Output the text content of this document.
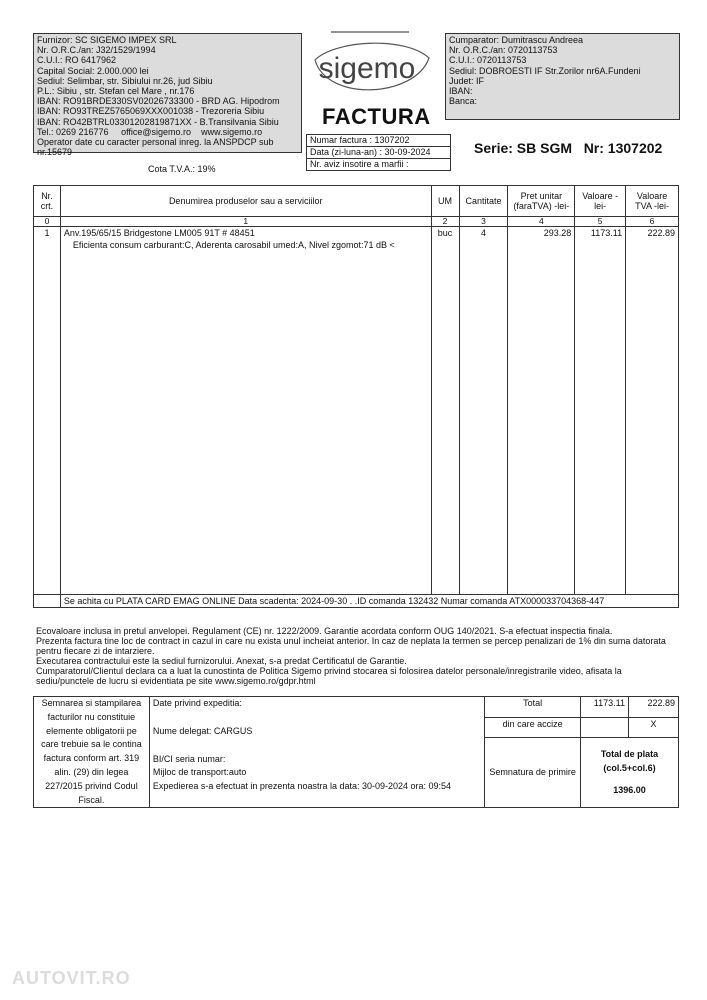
Furnizor: SC SIGEMO IMPEX SRL
Nr. O.R.C./an: J32/1529/1994
C.U.I.: RO 6417962
Capital Social: 2.000.000 lei
Sediul: Selimbar, str. Sibiului nr.26, jud Sibiu
P.L.: Sibiu , str. Stefan cel Mare , nr.176
IBAN: RO91BRDE330SV02026733300 - BRD AG. Hipodrom
IBAN: RO93TREZ5765069XXX001038 - Trezoreria Sibiu
IBAN: RO42BTRL03301202819871XX - B.Transilvania Sibiu
Tel.: 0269 216776     office@sigemo.ro    www.sigemo.ro
Operator date cu caracter personal inreg. la ANSPDCP sub
nr.15679
sigemo
FACTURA
Numar factura : 1307202
Data (zi-luna-an) : 30-09-2024
Nr. aviz insotire a marfii :
Cumparator: Dumitrascu Andreea
Nr. O.R.C./an: 0720113753
C.U.I.: 0720113753
Sediul: DOBROESTI IF Str.Zorilor nr6A.Fundeni
Judet: IF
IBAN:
Banca:
Serie: SB SGM   Nr: 1307202
Cota T.V.A.: 19%
Nr. crt.	Denumirea produselor sau a serviciilor	UM	Cantitate	Pret unitar (faraTVA) -lei-	Valoare -lei-	Valoare TVA -lei-
0	1	2	3	4	5	6
1	Anv.195/65/15 Bridgestone LM005 91T # 48451	buc	4	293.28	1173.11	222.89
	Eficienta consum carburant:C, Aderenta carosabil umed:A, Nivel zgomot:71 dB <					

	Se achita cu PLATA CARD EMAG ONLINE Data scadenta: 2024-09-30 . .ID comanda 132432 Numar comanda ATX000033704368-447					
Ecovaloare inclusa in pretul anvelopei. Regulament (CE) nr. 1222/2009. Garantie acordata conform OUG 140/2021. S-a efectuat inspectia finala.
Prezenta factura tine loc de contract in cazul in care nu exista unul incheiat anterior. In caz de neplata la termen se percep penalizari de 1% din suma datorata pentru fiecare zi de intarziere.
Executarea contractului este la sediul furnizorului. Anexat, s-a predat Certificatul de Garantie.
Cumparatorul/Clientul declara ca a luat la cunostinta de Politica Sigemo privind stocarea si folosirea datelor personale/inregistrarile video, afisata la sediu/punctele de lucru si evidentiata pe site www.sigemo.ro/gdpr.html
Semnarea si stampilarea facturilor nu constituie elemente obligatorii pe care trebuie sa le contina factura conform art. 319 alin. (29) din legea 227/2015 privind Codul Fiscal.	Date privind expeditia:
Nume delegat: CARGUS
BI/CI seria numar:
Mijloc de transport:auto
Expedierea s-a efectuat in prezenta noastra la data: 30-09-2024 ora: 09:54	Total	1173.11	222.89
		din care accize		X
		Semnatura de primire	Total de plata (col.5+col.6)
1396.00	
AUTOVIT.RO
